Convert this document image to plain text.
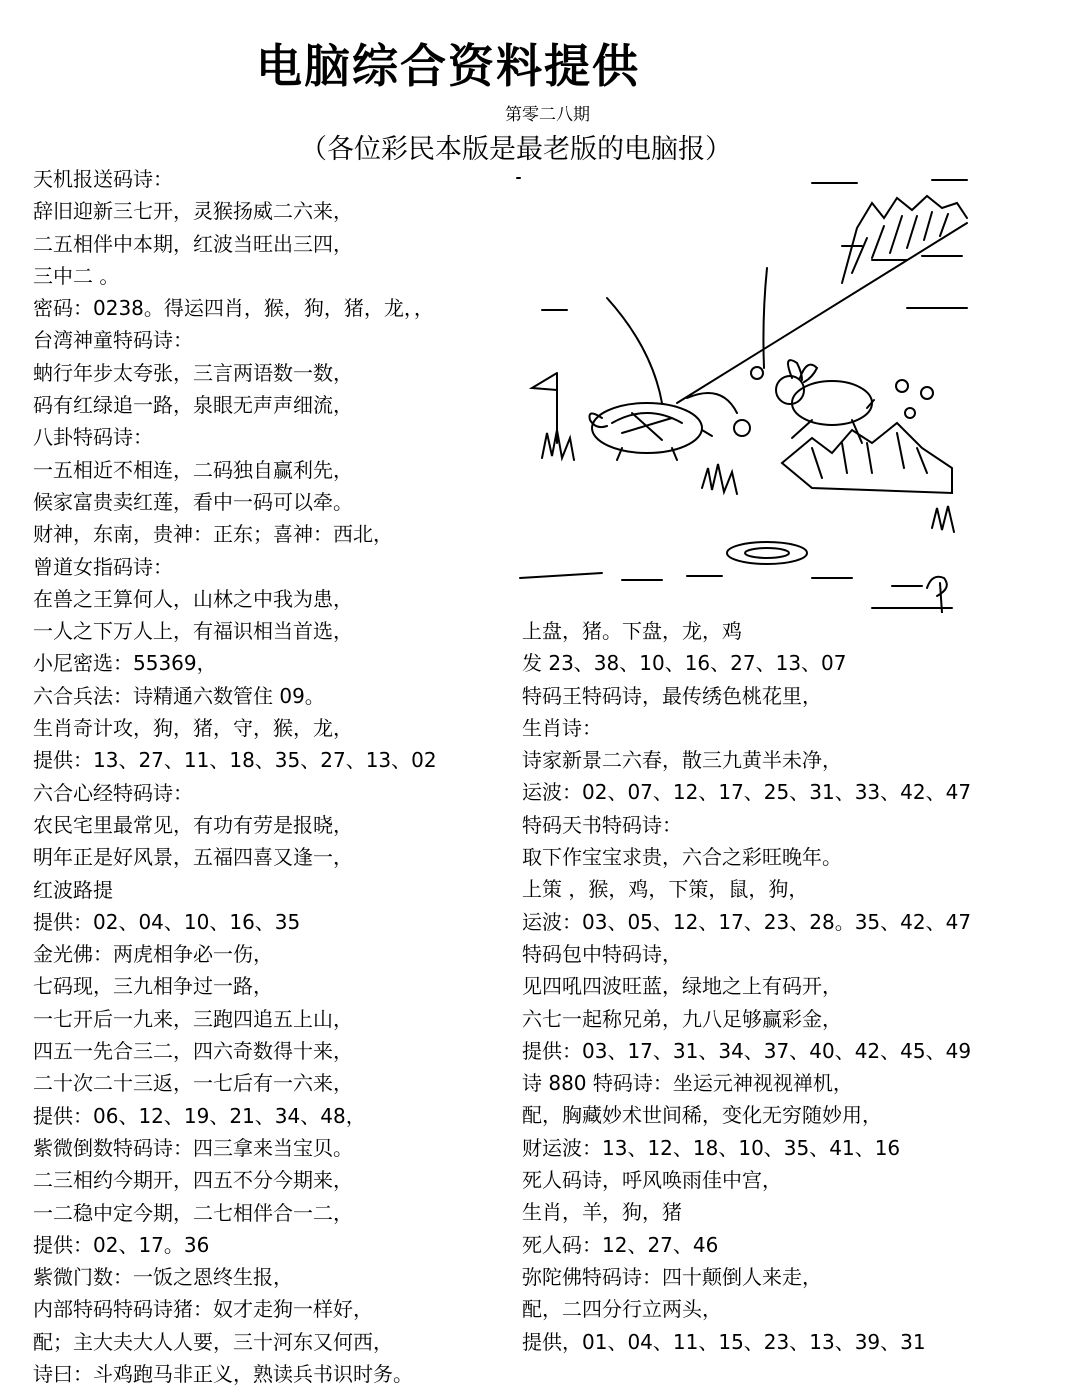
电脑综合资料提供
第零二八期
（各位彩民本版是最老版的电脑报）
天机报送码诗：
辞旧迎新三七开，灵猴扬威二六来，
二五相伴中本期，红波当旺出三四，
三中二 。
密码：0238。得运四肖，猴，狗，猪，龙，，
台湾神童特码诗：
蚋行年步太夸张，三言两语数一数，
码有红绿追一路，泉眼无声声细流，
八卦特码诗：
一五相近不相连，二码独自赢利先，
候家富贵卖红莲，看中一码可以牵。
财神，东南，贵神：正东；喜神：西北，
曾道女指码诗：
在兽之王算何人，山林之中我为患，
一人之下万人上，有福识相当首选，
小尼密选：55369，
六合兵法：诗精通六数管住 09。
生肖奇计攻，狗，猪，守，猴，龙，
提供：13、27、11、18、35、27、13、02
六合心经特码诗：
农民宅里最常见，有功有劳是报晓，
明年正是好风景，五福四喜又逢一，
红波路提
提供：02、04、10、16、35
金光佛：两虎相争必一伤，
七码现，三九相争过一路，
一七开后一九来，三跑四追五上山，
四五一先合三二，四六奇数得十来，
二十次二十三返，一七后有一六来，
提供：06、12、19、21、34、48，
紫微倒数特码诗：四三拿来当宝贝。
二三相约今期开，四五不分今期来，
一二稳中定今期，二七相伴合一二，
提供：02、17。36
紫微门数：一饭之恩终生报，
内部特码特码诗猪：奴才走狗一样好，
配；主大夫大人人要，三十河东又何西，
诗曰：斗鸡跑马非正义，熟读兵书识时务。
上盘，猪。下盘，龙，鸡
发 23、38、10、16、27、13、07
特码王特码诗，最传绣色桃花里，
生肖诗：
诗家新景二六春，散三九黄半未净，
运波：02、07、12、17、25、31、33、42、47
特码天书特码诗：
取下作宝宝求贵，六合之彩旺晚年。
上策 ，猴，鸡，下策，鼠，狗，
运波：03、05、12、17、23、28。35、42、47
特码包中特码诗，
见四吼四波旺蓝，绿地之上有码开，
六七一起称兄弟，九八足够赢彩金，
提供：03、17、31、34、37、40、42、45、49
诗 880 特码诗：坐运元神视视禅机，
配，胸藏妙术世间稀，变化无穷随妙用，
财运波：13、12、18、10、35、41、16
死人码诗，呼风唤雨佳中宫，
生肖，羊，狗，猪
死人码：12、27、46
弥陀佛特码诗：四十颠倒人来走，
配，二四分行立两头，
提供，01、04、11、15、23、13、39、31
